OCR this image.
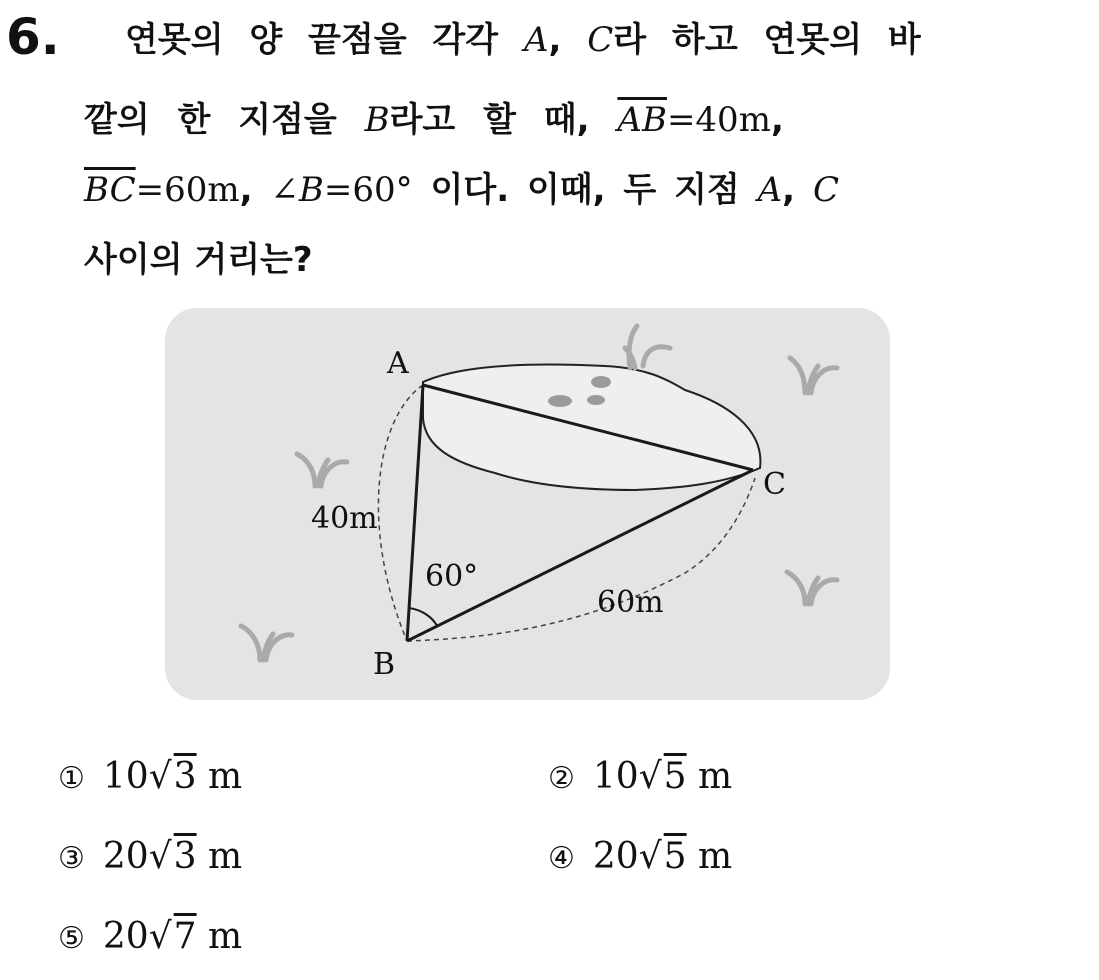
6. 연못의 양 끝점을 각각 A, C라 하고 연못의 바
깥의 한 지점을 B라고 할 때, $\overline{AB}=40m$,
$\overline{BC}=60m$, ∠B=60° 이다. 이때, 두 지점 A, C
사이의 거리는?
A
B
C
40m
60m
60°
① 10√3 m	② 10√5 m
③ 20√3 m	④ 20√5 m
⑤ 20√7 m
